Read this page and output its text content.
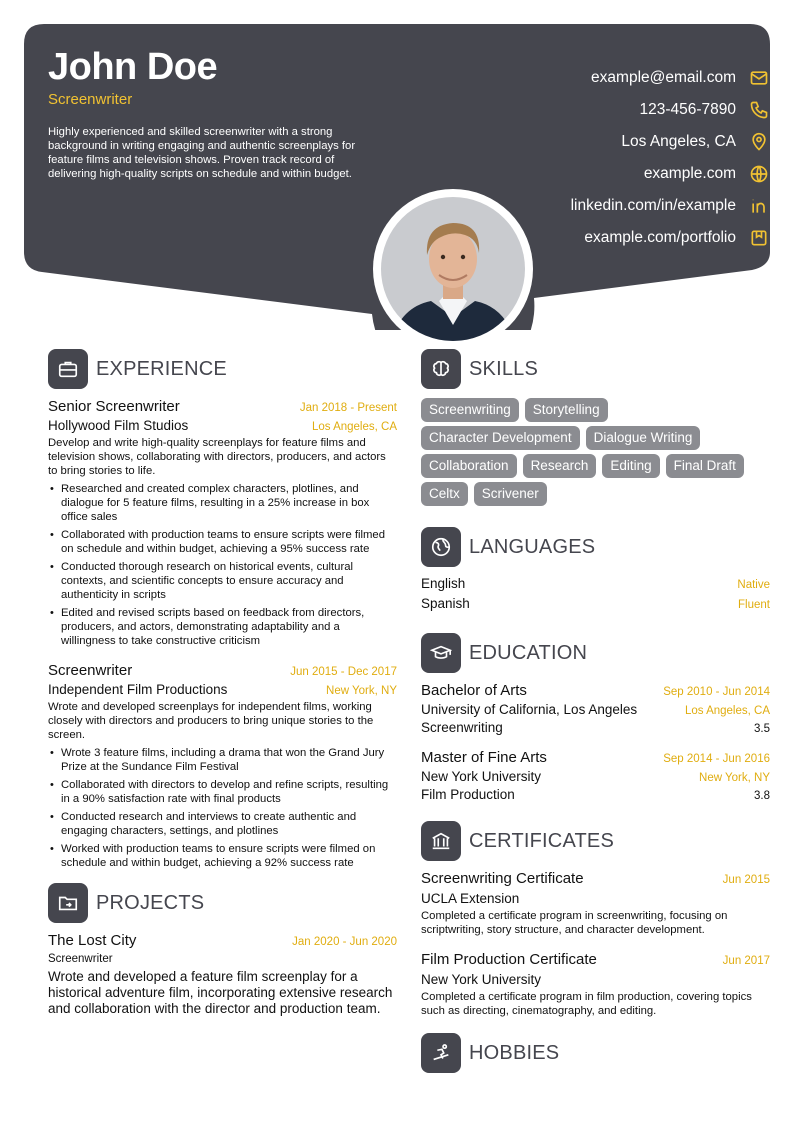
John Doe
Screenwriter
Highly experienced and skilled screenwriter with a strong background in writing engaging and authentic screenplays for feature films and television shows. Proven track record of delivering high-quality scripts on schedule and within budget.
example@email.com
123-456-7890
Los Angeles, CA
example.com
linkedin.com/in/example
example.com/portfolio
EXPERIENCE
Senior Screenwriter	Jan 2018 - Present
Hollywood Film Studios	Los Angeles, CA
Develop and write high-quality screenplays for feature films and television shows, collaborating with directors, producers, and actors to bring stories to life.
• Researched and created complex characters, plotlines, and dialogue for 5 feature films, resulting in a 25% increase in box office sales
• Collaborated with production teams to ensure scripts were filmed on schedule and within budget, achieving a 95% success rate
• Conducted thorough research on historical events, cultural contexts, and scientific concepts to ensure accuracy and authenticity in scripts
• Edited and revised scripts based on feedback from directors, producers, and actors, demonstrating adaptability and a willingness to take constructive criticism
Screenwriter	Jun 2015 - Dec 2017
Independent Film Productions	New York, NY
Wrote and developed screenplays for independent films, working closely with directors and producers to bring unique stories to the screen.
• Wrote 3 feature films, including a drama that won the Grand Jury Prize at the Sundance Film Festival
• Collaborated with directors to develop and refine scripts, resulting in a 90% satisfaction rate with final products
• Conducted research and interviews to create authentic and engaging characters, settings, and plotlines
• Worked with production teams to ensure scripts were filmed on schedule and within budget, achieving a 92% success rate
PROJECTS
The Lost City	Jan 2020 - Jun 2020
Screenwriter
Wrote and developed a feature film screenplay for a historical adventure film, incorporating extensive research and collaboration with the director and production team.
SKILLS
Screenwriting	Storytelling
Character Development	Dialogue Writing
Collaboration	Research	Editing	Final Draft
Celtx	Scrivener
LANGUAGES
English	Native
Spanish	Fluent
EDUCATION
Bachelor of Arts	Sep 2010 - Jun 2014
University of California, Los Angeles	Los Angeles, CA
Screenwriting	3.5
Master of Fine Arts	Sep 2014 - Jun 2016
New York University	New York, NY
Film Production	3.8
CERTIFICATES
Screenwriting Certificate	Jun 2015
UCLA Extension
Completed a certificate program in screenwriting, focusing on scriptwriting, story structure, and character development.
Film Production Certificate	Jun 2017
New York University
Completed a certificate program in film production, covering topics such as directing, cinematography, and editing.
HOBBIES
